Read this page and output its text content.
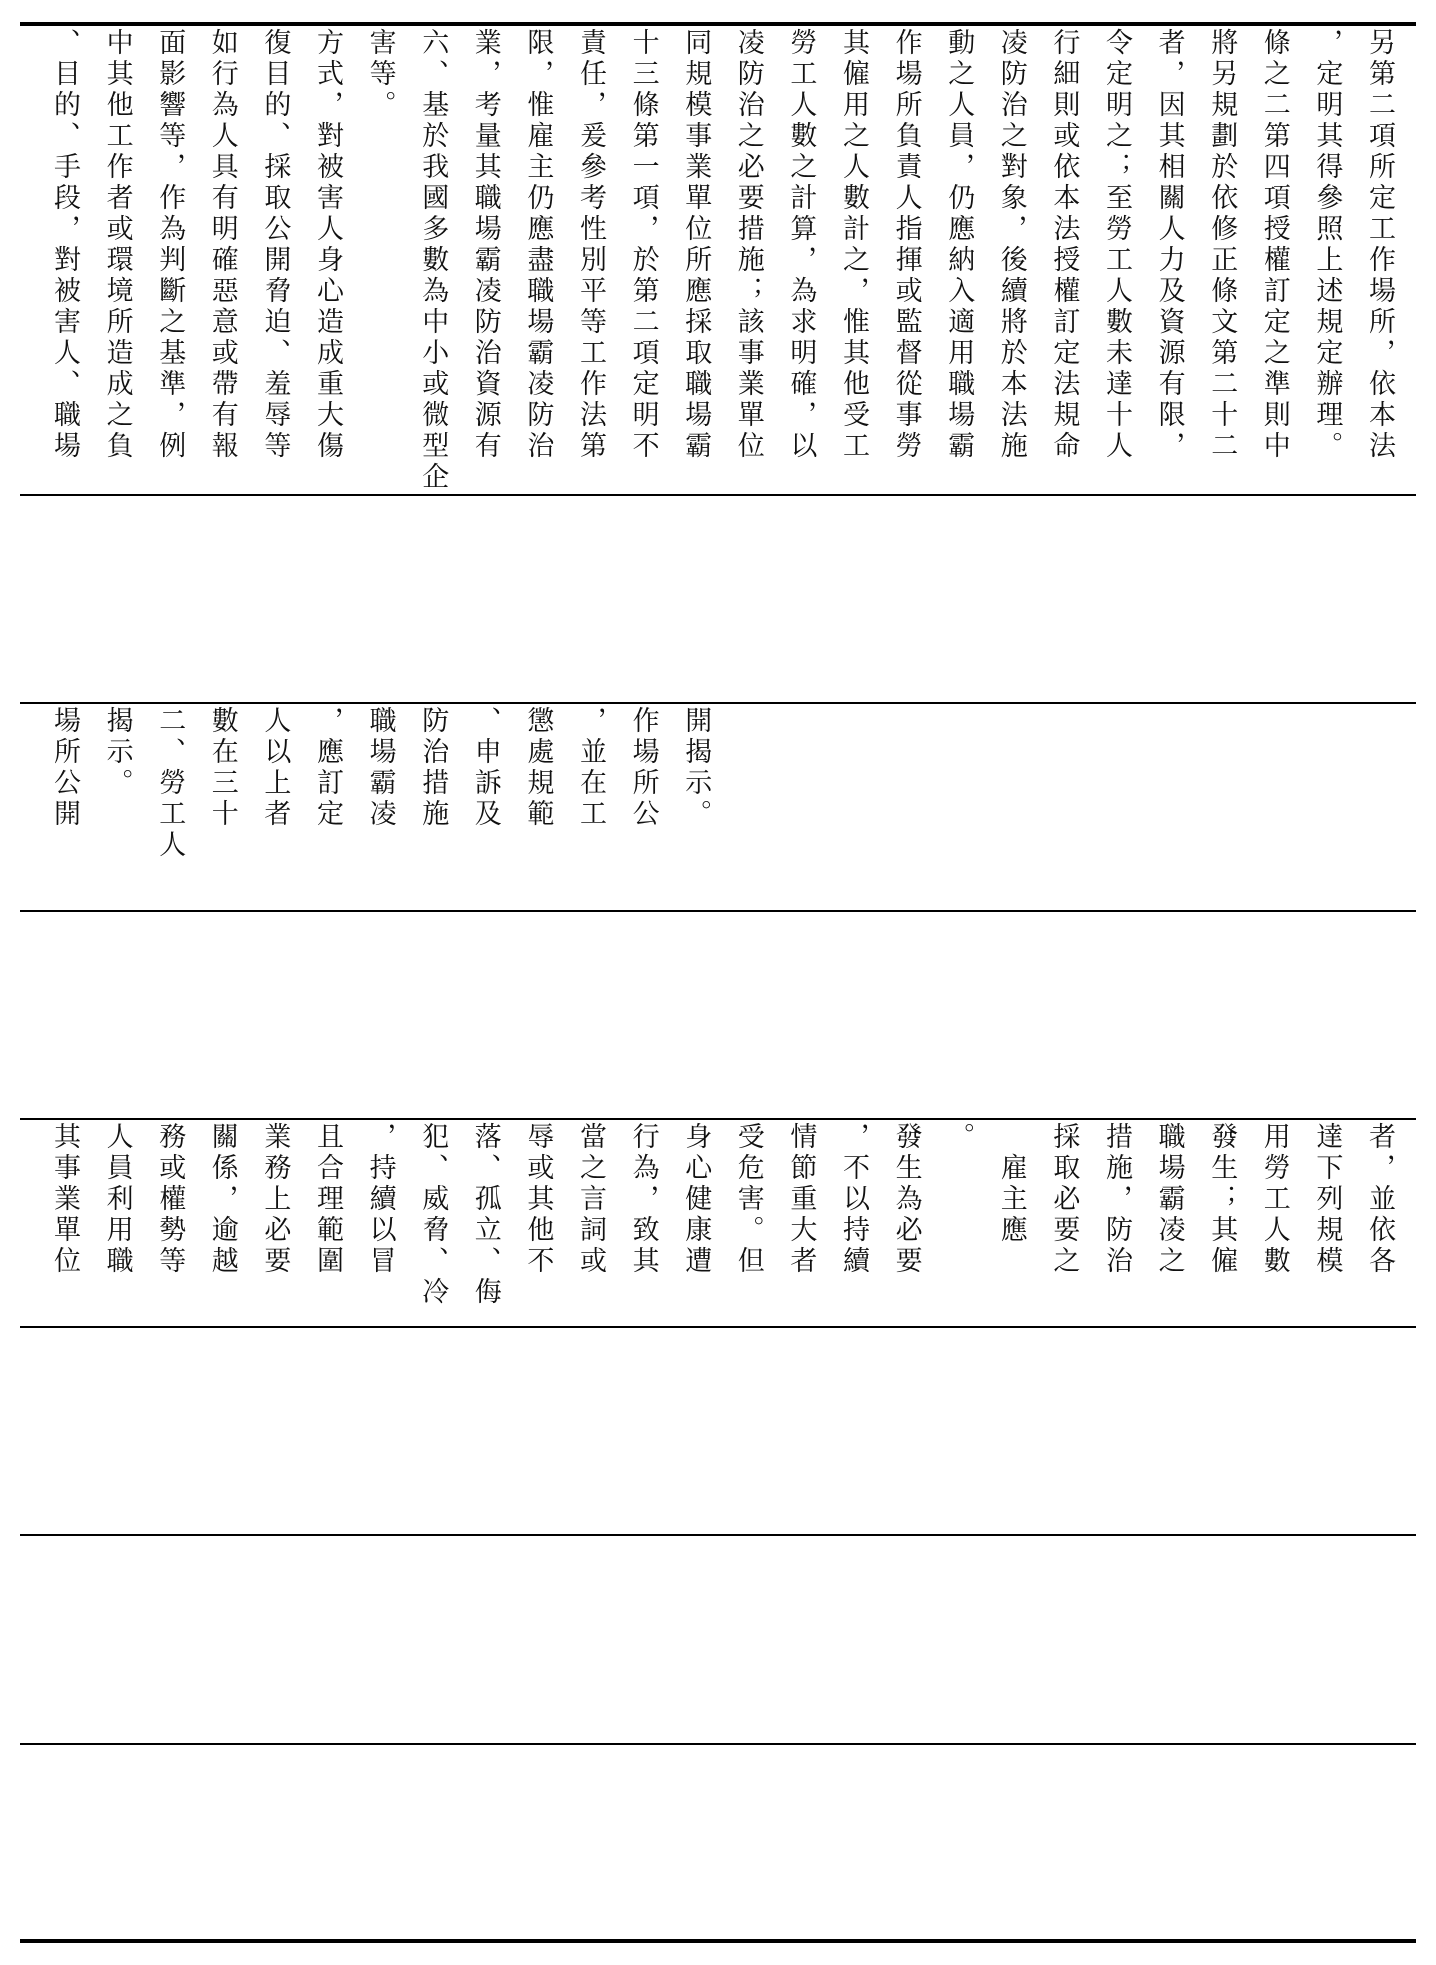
、目的、手段，對被害人、職場 中其他工作者或環境所造成之負 面影響等，作為判斷之基準，例 如行為人具有明確惡意或帶有報 復目的、採取公開脅迫、羞辱等 方式，對被害人身心造成重大傷 害等。 六、基於我國多數為中小或微型企 業，考量其職場霸凌防治資源有 限，惟雇主仍應盡職場霸凌防治 責任，爰參考性別平等工作法第 十三條第一項，於第二項定明不 同規模事業單位所應採取職場霸 凌防治之必要措施；該事業單位 勞工人數之計算，為求明確，以 其僱用之人數計之，惟其他受工 作場所負責人指揮或監督從事勞 動之人員，仍應納入適用職場霸 凌防治之對象，後續將於本法施 行細則或依本法授權訂定法規命 令定明之；至勞工人數未達十人 者，因其相關人力及資源有限， 將另規劃於依修正條文第二十二 條之二第四項授權訂定之準則中 ，定明其得參照上述規定辦理。 另第二項所定工作場所，依本法

場所公開 揭示。 二、勞工人 數在三十 人以上者 ，應訂定 職場霸凌 防治措施 、申訴及 懲處規範 ，並在工 作場所公 開揭示。

其事業單位 人員利用職 務或權勢等 關係，逾越 業務上必要 且合理範圍 ，持續以冒 犯、威脅、冷 落、孤立、侮 辱或其他不 當之言詞或 行為，致其 身心健康遭 受危害。但 情節重大者 ，不以持續 發生為必要 。 　雇主應 採取必要之 措施，防治 職場霸凌之 發生；其僱 用勞工人數 達下列規模 者，並依各
